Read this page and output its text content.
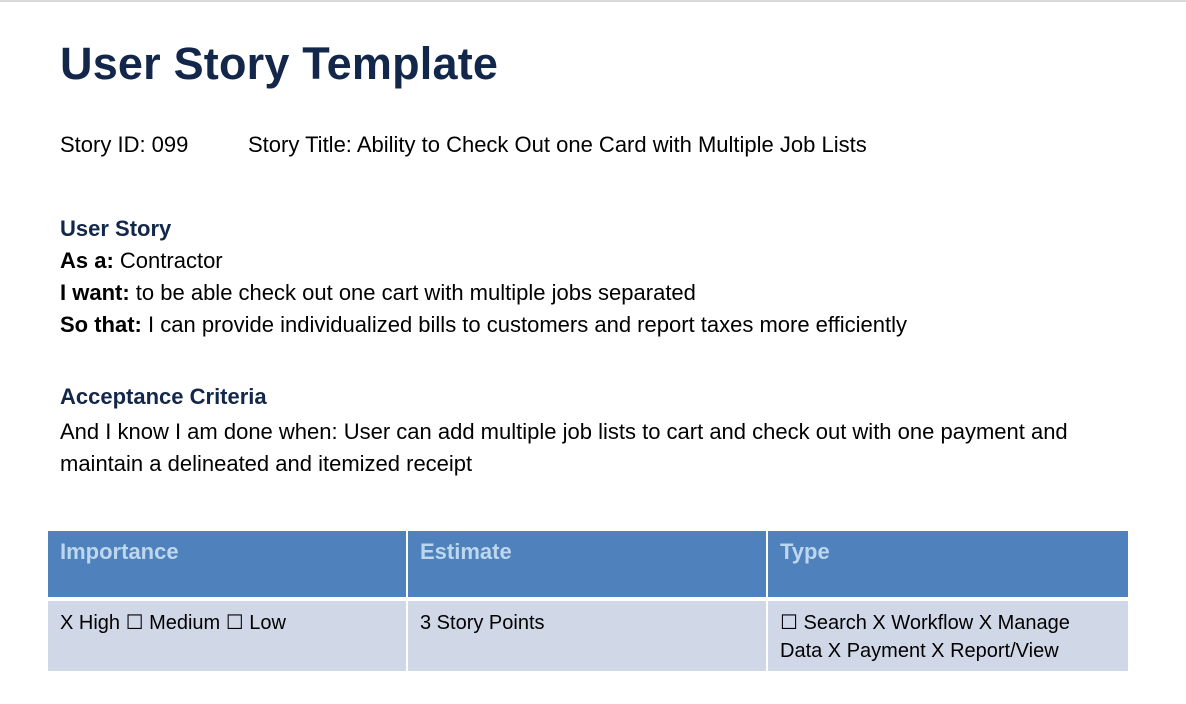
User Story Template
Story ID: 099	Story Title: Ability to Check Out one Card with Multiple Job Lists
User Story
As a: Contractor
I want: to be able check out one cart with multiple jobs separated
So that: I can provide individualized bills to customers and report taxes more efficiently
Acceptance Criteria
And I know I am done when: User can add multiple job lists to cart and check out with one payment and maintain a delineated and itemized receipt
Importance	Estimate	Type
X High ☐ Medium ☐ Low	3 Story Points	☐ Search X Workflow X Manage Data X Payment X Report/View
